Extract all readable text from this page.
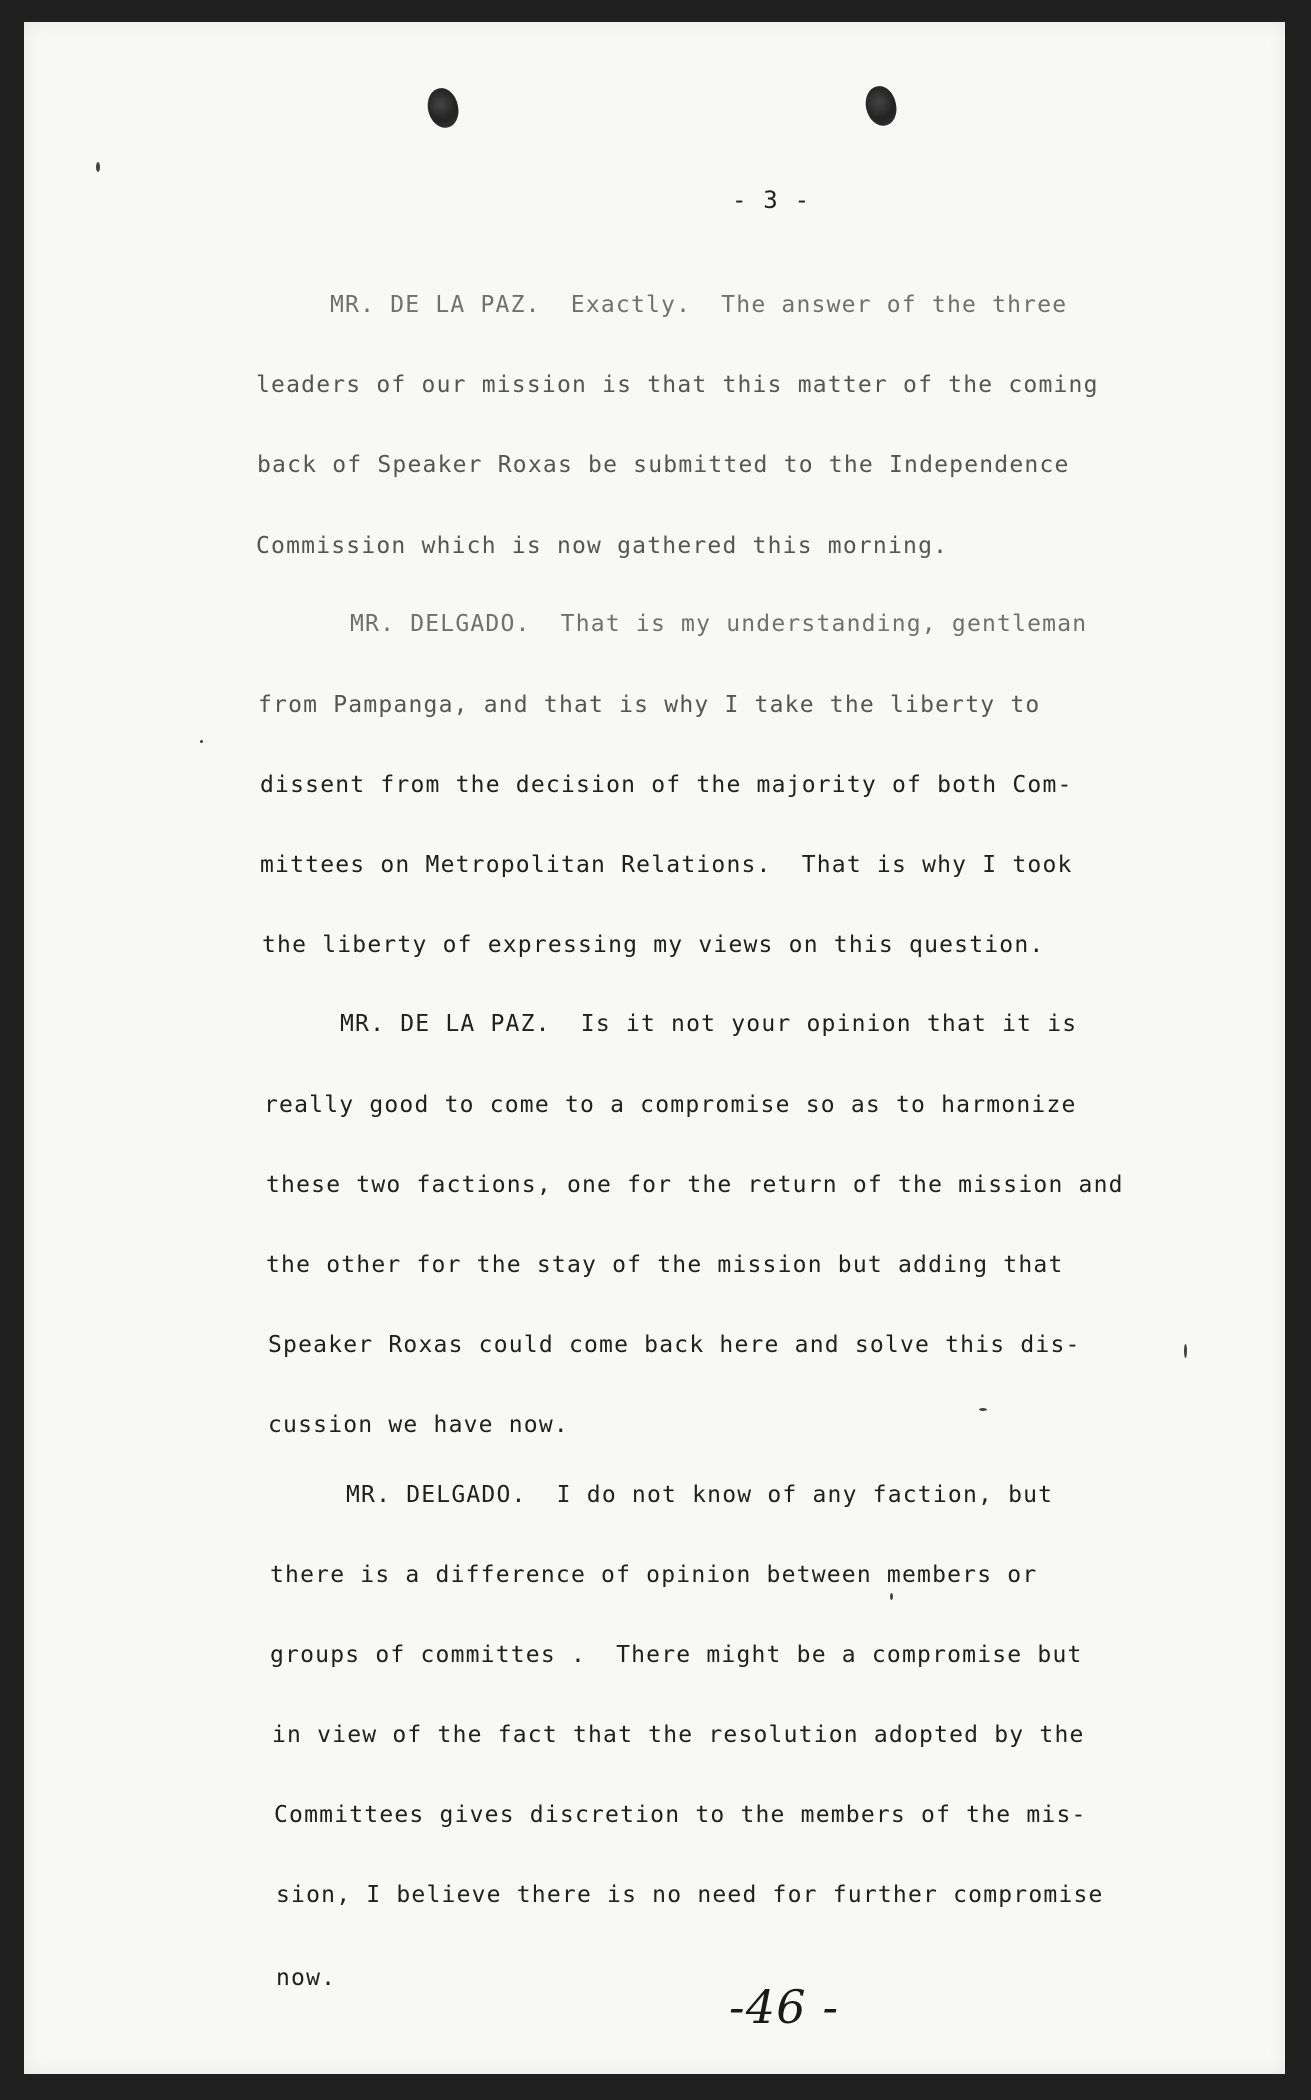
- 3 -
MR. DE LA PAZ.  Exactly.  The answer of the three
leaders of our mission is that this matter of the coming
back of Speaker Roxas be submitted to the Independence
Commission which is now gathered this morning.
MR. DELGADO.  That is my understanding, gentleman
from Pampanga, and that is why I take the liberty to
dissent from the decision of the majority of both Com-
mittees on Metropolitan Relations.  That is why I took
the liberty of expressing my views on this question.
MR. DE LA PAZ.  Is it not your opinion that it is
really good to come to a compromise so as to harmonize
these two factions, one for the return of the mission and
the other for the stay of the mission but adding that
Speaker Roxas could come back here and solve this dis-
cussion we have now.
MR. DELGADO.  I do not know of any faction, but
there is a difference of opinion between members or
groups of committes .  There might be a compromise but
in view of the fact that the resolution adopted by the
Committees gives discretion to the members of the mis-
sion, I believe there is no need for further compromise
now.
-46 -
